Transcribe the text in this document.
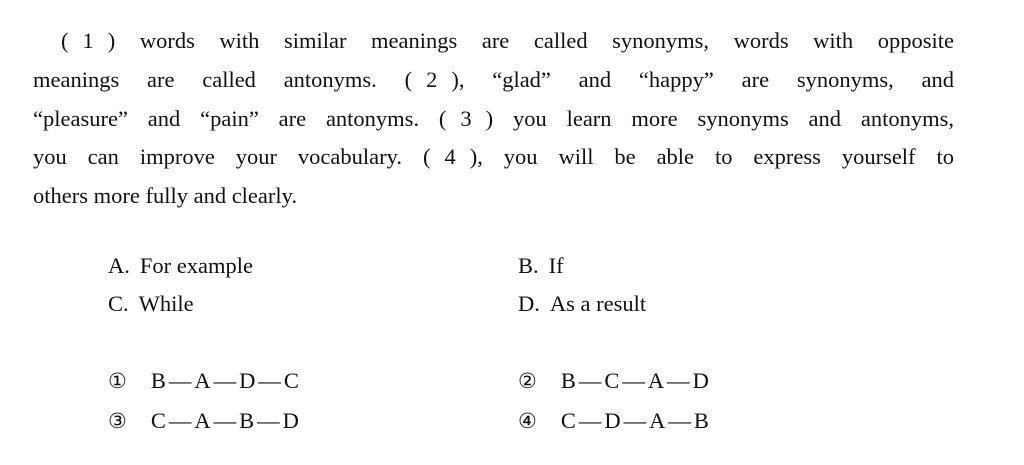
( 1 ) words with similar meanings are called synonyms, words with opposite
meanings are called antonyms. ( 2 ), “glad” and “happy” are synonyms, and
“pleasure” and “pain” are antonyms. ( 3 ) you learn more synonyms and antonyms,
you can improve your vocabulary. ( 4 ), you will be able to express yourself to
others more fully and clearly.
A. For example	B. If
C. While	D. As a result
① B—A—D—C	② B—C—A—D
③ C—A—B—D	④ C—D—A—B
